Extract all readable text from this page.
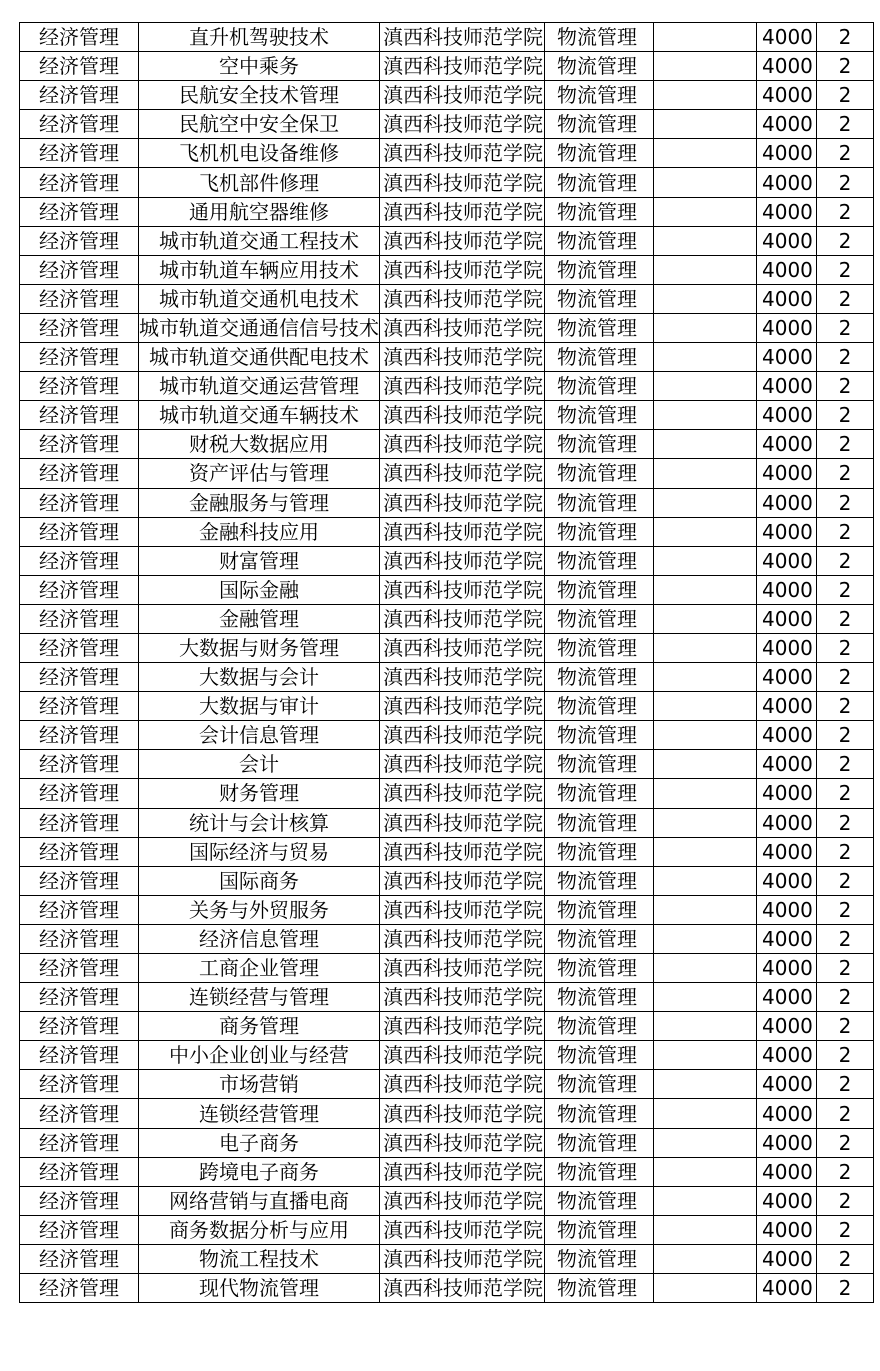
经济管理	直升机驾驶技术	滇西科技师范学院	物流管理		4000	2
经济管理	空中乘务	滇西科技师范学院	物流管理		4000	2
经济管理	民航安全技术管理	滇西科技师范学院	物流管理		4000	2
经济管理	民航空中安全保卫	滇西科技师范学院	物流管理		4000	2
经济管理	飞机机电设备维修	滇西科技师范学院	物流管理		4000	2
经济管理	飞机部件修理	滇西科技师范学院	物流管理		4000	2
经济管理	通用航空器维修	滇西科技师范学院	物流管理		4000	2
经济管理	城市轨道交通工程技术	滇西科技师范学院	物流管理		4000	2
经济管理	城市轨道车辆应用技术	滇西科技师范学院	物流管理		4000	2
经济管理	城市轨道交通机电技术	滇西科技师范学院	物流管理		4000	2
经济管理	城市轨道交通通信信号技术	滇西科技师范学院	物流管理		4000	2
经济管理	城市轨道交通供配电技术	滇西科技师范学院	物流管理		4000	2
经济管理	城市轨道交通运营管理	滇西科技师范学院	物流管理		4000	2
经济管理	城市轨道交通车辆技术	滇西科技师范学院	物流管理		4000	2
经济管理	财税大数据应用	滇西科技师范学院	物流管理		4000	2
经济管理	资产评估与管理	滇西科技师范学院	物流管理		4000	2
经济管理	金融服务与管理	滇西科技师范学院	物流管理		4000	2
经济管理	金融科技应用	滇西科技师范学院	物流管理		4000	2
经济管理	财富管理	滇西科技师范学院	物流管理		4000	2
经济管理	国际金融	滇西科技师范学院	物流管理		4000	2
经济管理	金融管理	滇西科技师范学院	物流管理		4000	2
经济管理	大数据与财务管理	滇西科技师范学院	物流管理		4000	2
经济管理	大数据与会计	滇西科技师范学院	物流管理		4000	2
经济管理	大数据与审计	滇西科技师范学院	物流管理		4000	2
经济管理	会计信息管理	滇西科技师范学院	物流管理		4000	2
经济管理	会计	滇西科技师范学院	物流管理		4000	2
经济管理	财务管理	滇西科技师范学院	物流管理		4000	2
经济管理	统计与会计核算	滇西科技师范学院	物流管理		4000	2
经济管理	国际经济与贸易	滇西科技师范学院	物流管理		4000	2
经济管理	国际商务	滇西科技师范学院	物流管理		4000	2
经济管理	关务与外贸服务	滇西科技师范学院	物流管理		4000	2
经济管理	经济信息管理	滇西科技师范学院	物流管理		4000	2
经济管理	工商企业管理	滇西科技师范学院	物流管理		4000	2
经济管理	连锁经营与管理	滇西科技师范学院	物流管理		4000	2
经济管理	商务管理	滇西科技师范学院	物流管理		4000	2
经济管理	中小企业创业与经营	滇西科技师范学院	物流管理		4000	2
经济管理	市场营销	滇西科技师范学院	物流管理		4000	2
经济管理	连锁经营管理	滇西科技师范学院	物流管理		4000	2
经济管理	电子商务	滇西科技师范学院	物流管理		4000	2
经济管理	跨境电子商务	滇西科技师范学院	物流管理		4000	2
经济管理	网络营销与直播电商	滇西科技师范学院	物流管理		4000	2
经济管理	商务数据分析与应用	滇西科技师范学院	物流管理		4000	2
经济管理	物流工程技术	滇西科技师范学院	物流管理		4000	2
经济管理	现代物流管理	滇西科技师范学院	物流管理		4000	2
